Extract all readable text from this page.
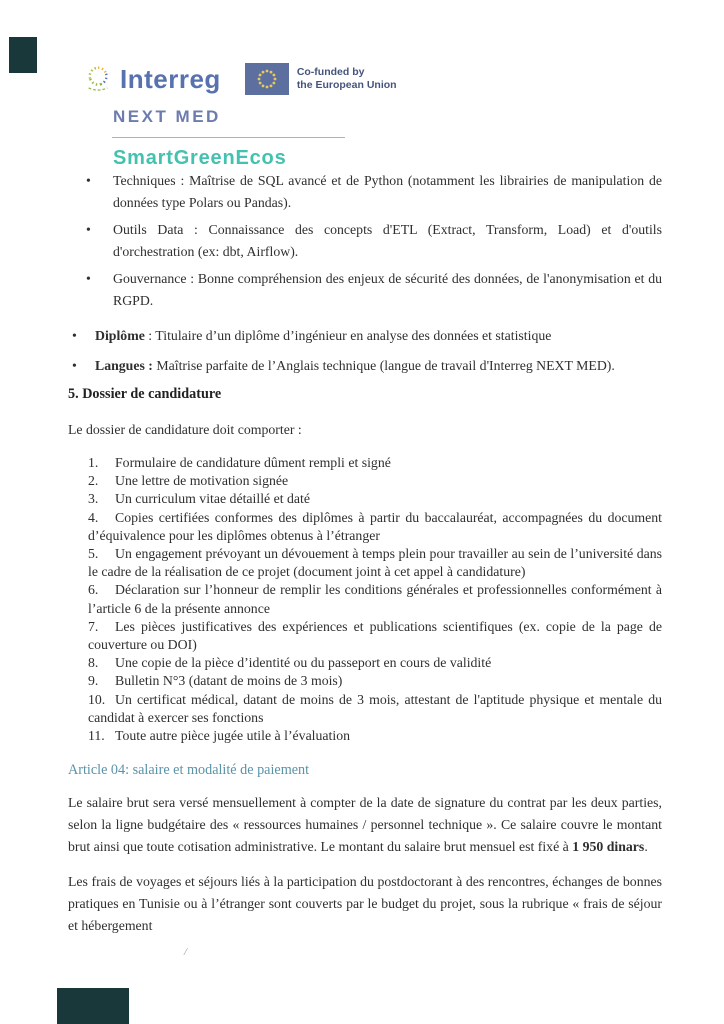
Interreg	Co-funded by
the European Union
NEXT MED
SmartGreenEcos
• Techniques : Maîtrise de SQL avancé et de Python (notamment les librairies de manipulation de données type Polars ou Pandas).
• Outils Data : Connaissance des concepts d'ETL (Extract, Transform, Load) et d'outils d'orchestration (ex: dbt, Airflow).
• Gouvernance : Bonne compréhension des enjeux de sécurité des données, de l'anonymisation et du RGPD.
• Diplôme : Titulaire d’un diplôme d’ingénieur en analyse des données et statistique
• Langues : Maîtrise parfaite de l’Anglais technique (langue de travail d'Interreg NEXT MED).
5. Dossier de candidature

Le dossier de candidature doit comporter :

1. Formulaire de candidature dûment rempli et signé
2. Une lettre de motivation signée
3. Un curriculum vitae détaillé et daté
4. Copies certifiées conformes des diplômes à partir du baccalauréat, accompagnées du document d’équivalence pour les diplômes obtenus à l’étranger
5. Un engagement prévoyant un dévouement à temps plein pour travailler au sein de l’université dans le cadre de la réalisation de ce projet (document joint à cet appel à candidature)
6. Déclaration sur l’honneur de remplir les conditions générales et professionnelles conformément à l’article 6 de la présente annonce
7. Les pièces justificatives des expériences et publications scientifiques (ex. copie de la page de couverture ou DOI)
8. Une copie de la pièce d’identité ou du passeport en cours de validité
9. Bulletin N°3 (datant de moins de 3 mois)
10. Un certificat médical, datant de moins de 3 mois, attestant de l'aptitude physique et mentale du candidat à exercer ses fonctions
11. Toute autre pièce jugée utile à l’évaluation
Article 04: salaire et modalité de paiement

Le salaire brut sera versé mensuellement à compter de la date de signature du contrat par les deux parties, selon la ligne budgétaire des « ressources humaines / personnel technique ». Ce salaire couvre le montant brut ainsi que toute cotisation administrative. Le montant du salaire brut mensuel est fixé à 1 950 dinars.

Les frais de voyages et séjours liés à la participation du postdoctorant à des rencontres, échanges de bonnes pratiques en Tunisie ou à l’étranger sont couverts par le budget du projet, sous la rubrique « frais de séjour et hébergement

/
